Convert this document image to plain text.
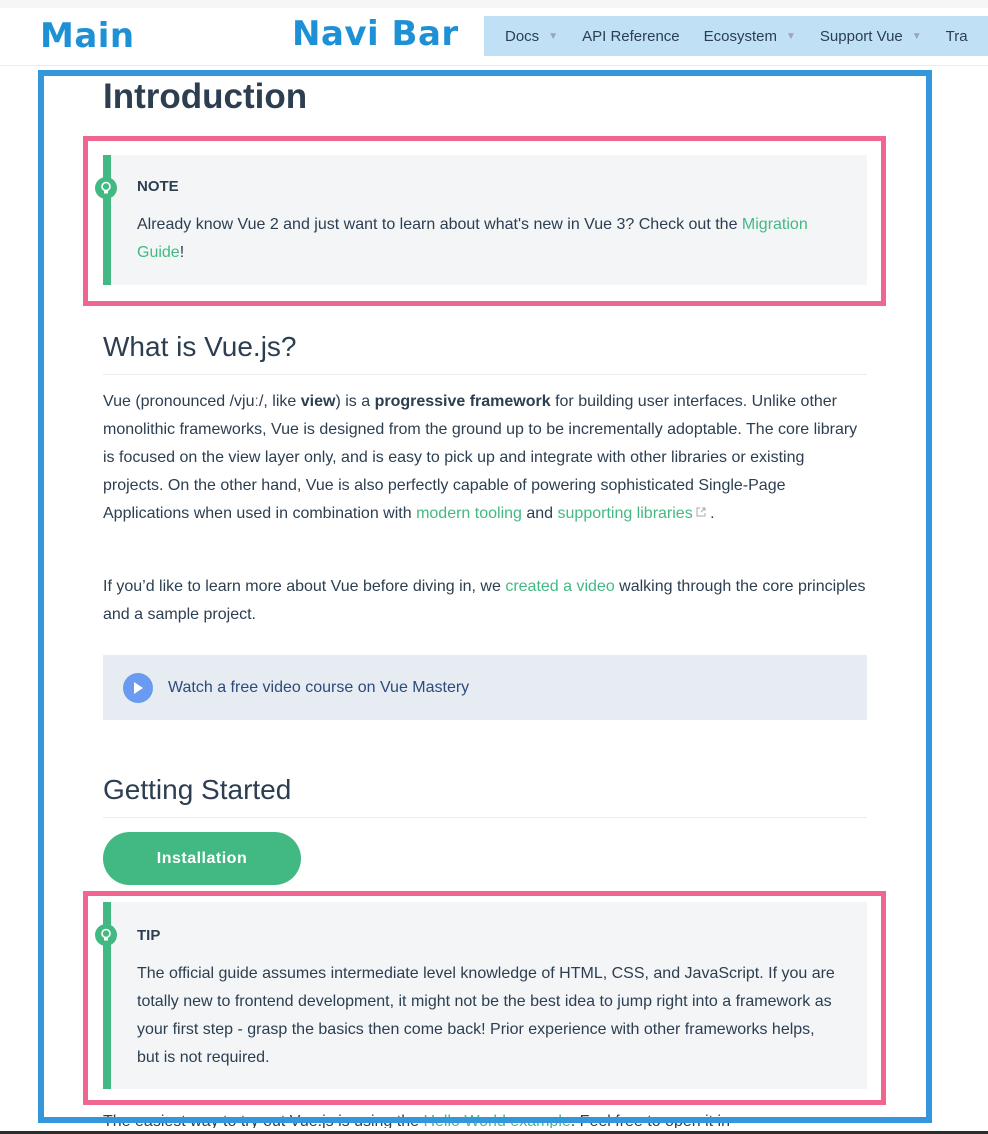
Main	Navi Bar	Docs ▼ API Reference Ecosystem ▼ Support Vue ▼ Tra
Introduction

NOTE

Already know Vue 2 and just want to learn about what's new in Vue 3? Check out the Migration Guide!

What is Vue.js?

Vue (pronounced /vjuː/, like view) is a progressive framework for building user interfaces. Unlike other monolithic frameworks, Vue is designed from the ground up to be incrementally adoptable. The core library is focused on the view layer only, and is easy to pick up and integrate with other libraries or existing projects. On the other hand, Vue is also perfectly capable of powering sophisticated Single-Page Applications when used in combination with modern tooling and supporting libraries .

If you’d like to learn more about Vue before diving in, we created a video walking through the core principles and a sample project.

Watch a free video course on Vue Mastery
Getting Started
Installation

TIP

The official guide assumes intermediate level knowledge of HTML, CSS, and JavaScript. If you are totally new to frontend development, it might not be the best idea to jump right into a framework as your first step - grasp the basics then come back! Prior experience with other frameworks helps, but is not required.

The easiest way to try out Vue.js is using the Hello World example. Feel free to open it in
